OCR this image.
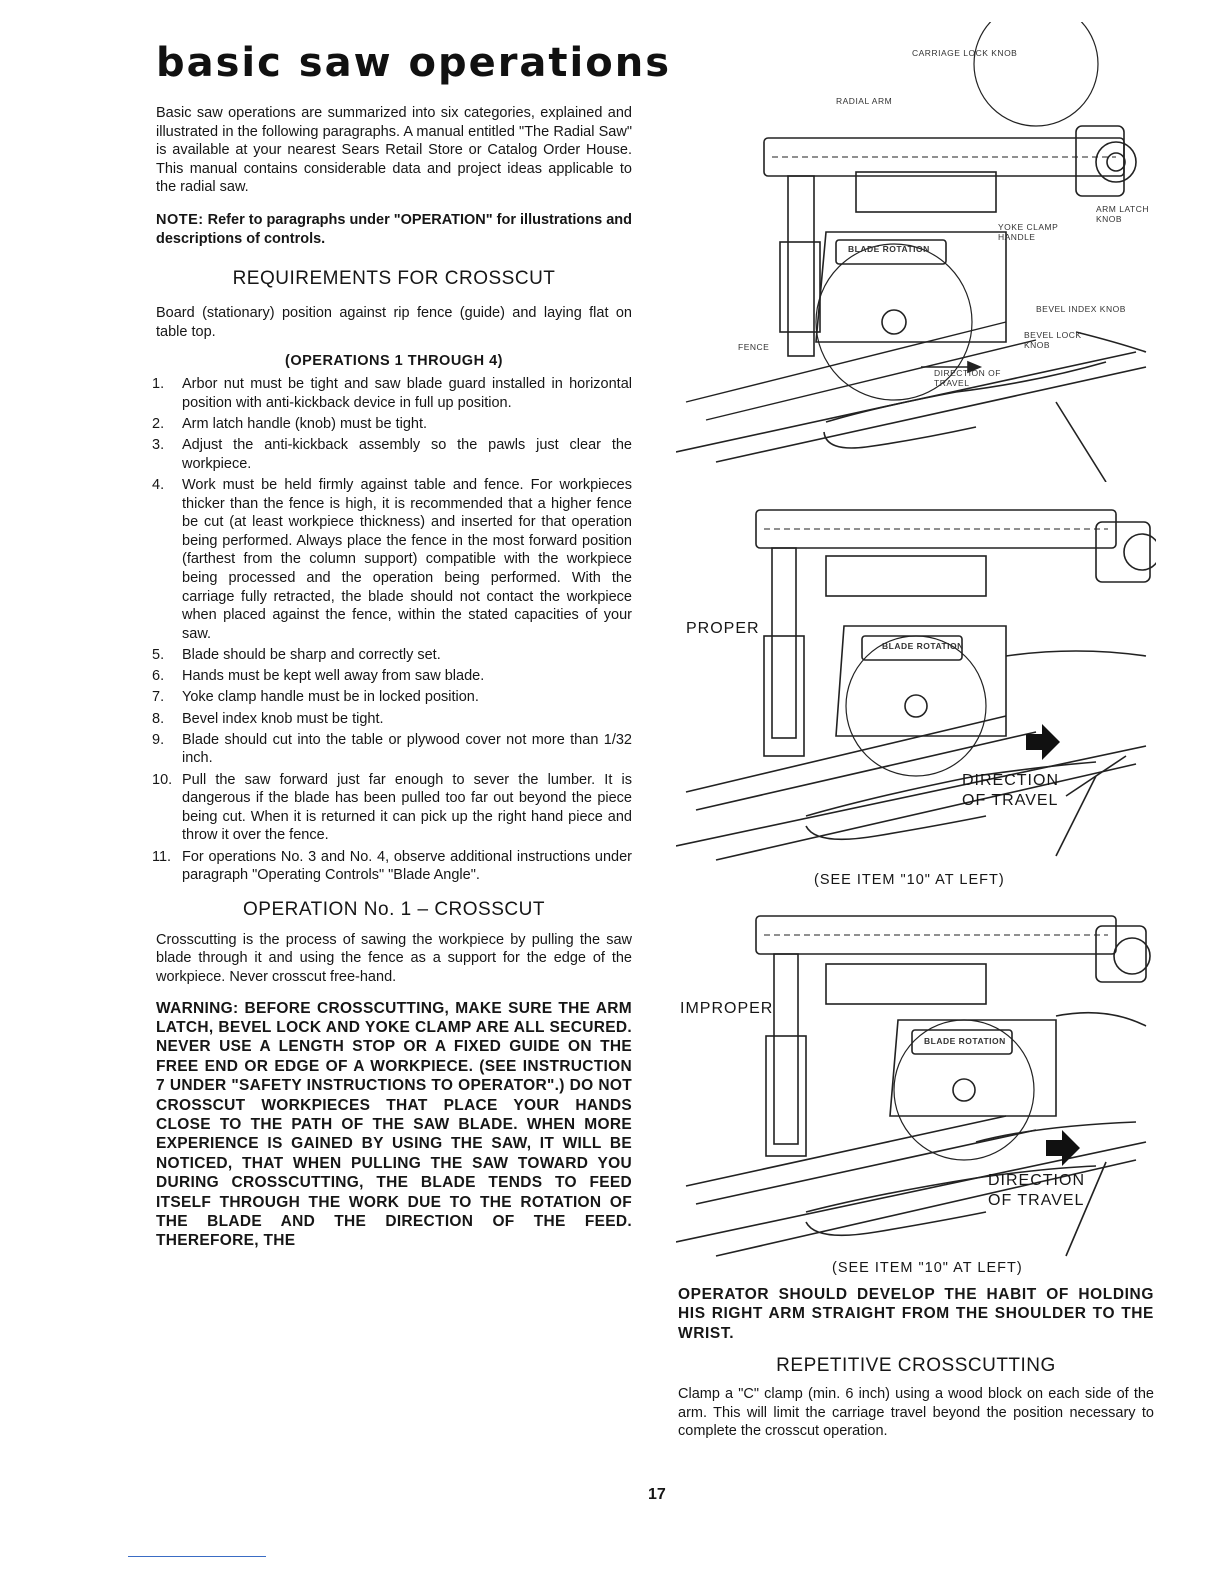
basic saw operations

Basic saw operations are summarized into six categories, explained and illustrated in the following paragraphs. A manual entitled "The Radial Saw" is available at your nearest Sears Retail Store or Catalog Order House. This manual contains considerable data and project ideas applicable to the radial saw.

NOTE: Refer to paragraphs under "OPERATION" for illustrations and descriptions of controls.

REQUIREMENTS FOR CROSSCUT

Board (stationary) position against rip fence (guide) and laying flat on table top.

(OPERATIONS 1 THROUGH 4)
1.	Arbor nut must be tight and saw blade guard installed in horizontal position with anti-kickback device in full up position.
2.	Arm latch handle (knob) must be tight.
3.	Adjust the anti-kickback assembly so the pawls just clear the workpiece.
4.	Work must be held firmly against table and fence. For workpieces thicker than the fence is high, it is recommended that a higher fence be cut (at least workpiece thickness) and inserted for that operation being performed. Always place the fence in the most forward position (farthest from the column support) compatible with the workpiece being processed and the operation being performed. With the carriage fully retracted, the blade should not contact the workpiece when placed against the fence, within the stated capacities of your saw.
5.	Blade should be sharp and correctly set.
6.	Hands must be kept well away from saw blade.
7.	Yoke clamp handle must be in locked position.
8.	Bevel index knob must be tight.
9.	Blade should cut into the table or plywood cover not more than 1/32 inch.
10. Pull the saw forward just far enough to sever the lumber. It is dangerous if the blade has been pulled too far out beyond the piece being cut. When it is returned it can pick up the right hand piece and throw it over the fence.
11. For operations No. 3 and No. 4, observe additional instructions under paragraph "Operating Controls" "Blade Angle".
OPERATION No. 1 – CROSSCUT

Crosscutting is the process of sawing the workpiece by pulling the saw blade through it and using the fence as a support for the edge of the workpiece. Never crosscut free-hand.

WARNING: BEFORE CROSSCUTTING, MAKE SURE THE ARM LATCH, BEVEL LOCK AND YOKE CLAMP ARE ALL SECURED. NEVER USE A LENGTH STOP OR A FIXED GUIDE ON THE FREE END OR EDGE OF A WORKPIECE. (SEE INSTRUCTION 7 UNDER "SAFETY INSTRUCTIONS TO OPERATOR".) DO NOT CROSSCUT WORKPIECES THAT PLACE YOUR HANDS CLOSE TO THE PATH OF THE SAW BLADE. WHEN MORE EXPERIENCE IS GAINED BY USING THE SAW, IT WILL BE NOTICED, THAT WHEN PULLING THE SAW TOWARD YOU DURING CROSSCUTTING, THE BLADE TENDS TO FEED ITSELF THROUGH THE WORK DUE TO THE ROTATION OF THE BLADE AND THE DIRECTION OF THE FEED. THEREFORE, THE

CARRIAGE LOCK KNOB
RADIAL ARM
ARM LATCH KNOB
YOKE CLAMP HANDLE
BLADE ROTATION
BEVEL INDEX KNOB
BEVEL LOCK KNOB
FENCE
DIRECTION OF TRAVEL
PROPER
BLADE ROTATION
DIRECTION
OF TRAVEL
(SEE ITEM "10" AT LEFT)
IMPROPER
BLADE ROTATION
DIRECTION
OF TRAVEL
(SEE ITEM "10" AT LEFT)
OPERATOR SHOULD DEVELOP THE HABIT OF HOLDING HIS RIGHT ARM STRAIGHT FROM THE SHOULDER TO THE WRIST.
REPETITIVE CROSSCUTTING
Clamp a "C" clamp (min. 6 inch) using a wood block on each side of the arm. This will limit the carriage travel beyond the position necessary to complete the crosscut operation.
17
